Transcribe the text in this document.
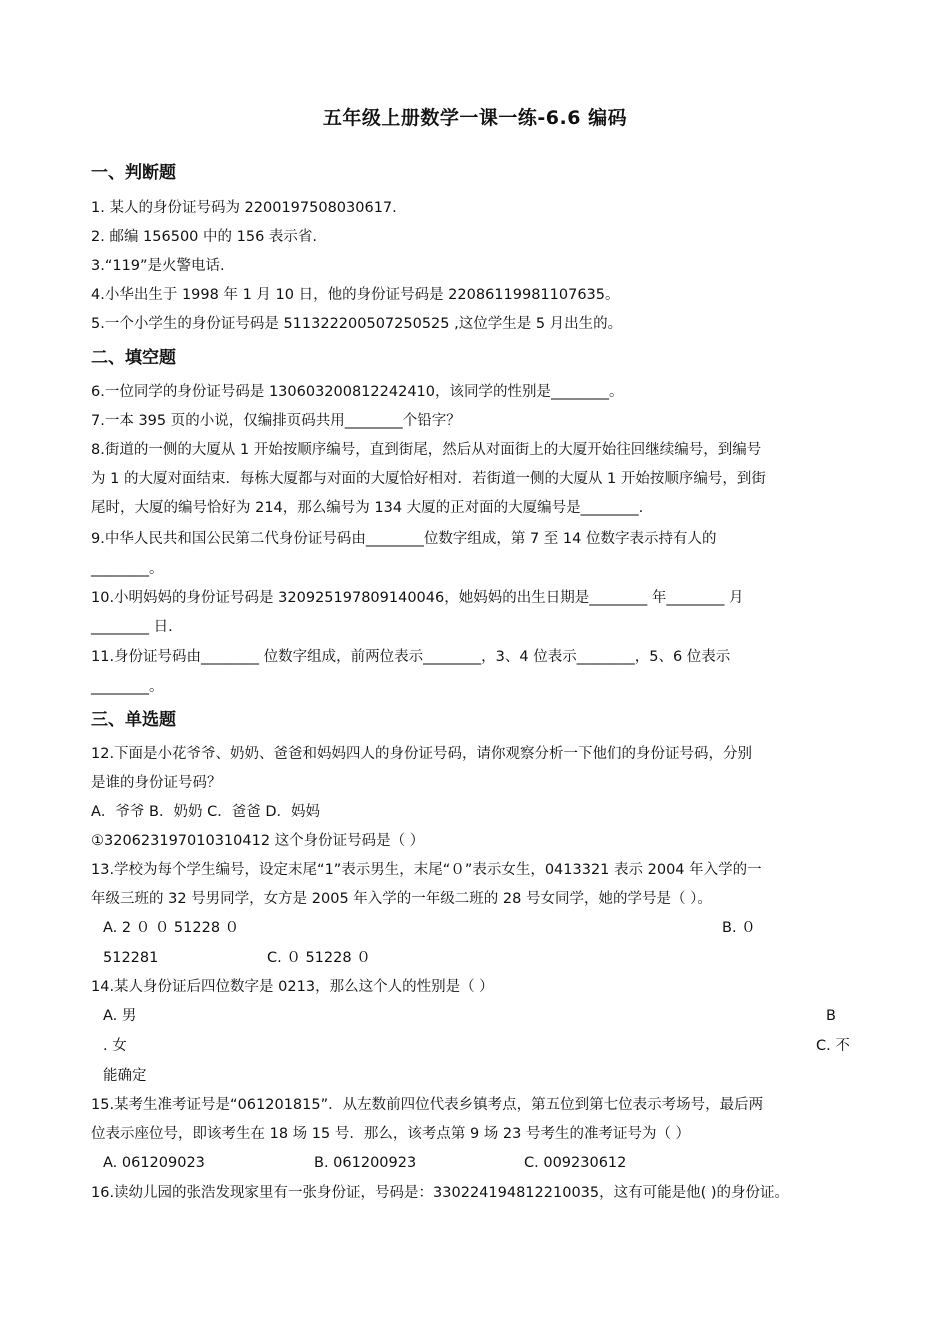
五年级上册数学一课一练-6.6 编码
一、判断题
1. 某人的身份证号码为 2200197508030617.
2. 邮编 156500 中的 156 表示省.
3.“119”是火警电话.
4.小华出生于 1998 年 1 月 10 日，他的身份证号码是 22086119981107635。
5.一个小学生的身份证号码是 511322200507250525 ,这位学生是 5 月出生的。
二、填空题
6.一位同学的身份证号码是 130603200812242410，该同学的性别是________。
7.一本 395 页的小说，仅编排页码共用________个铅字？
8.街道的一侧的大厦从 1 开始按顺序编号，直到街尾，然后从对面街上的大厦开始往回继续编号，到编号
为 1 的大厦对面结束．每栋大厦都与对面的大厦恰好相对．若街道一侧的大厦从 1 开始按顺序编号，到街
尾时，大厦的编号恰好为 214，那么编号为 134 大厦的正对面的大厦编号是________.
9.中华人民共和国公民第二代身份证号码由________位数字组成，第 7 至 14 位数字表示持有人的
________。
10.小明妈妈的身份证号码是 320925197809140046，她妈妈的出生日期是________ 年________ 月
________ 日.
11.身份证号码由________ 位数字组成，前两位表示________，3、4 位表示________，5、6 位表示
________。
三、单选题
12.下面是小花爷爷、奶奶、爸爸和妈妈四人的身份证号码，请你观察分析一下他们的身份证号码，分别
是谁的身份证号码？
A．爷爷 B．奶奶 C．爸爸 D．妈妈
①320623197010310412 这个身份证号码是（ ）
13.学校为每个学生编号，设定末尾“1”表示男生，末尾“０”表示女生，0413321 表示 2004 年入学的一
年级三班的 32 号男同学，女方是 2005 年入学的一年级二班的 28 号女同学，她的学号是（ ）。
A. 2 ０ ０ 51228 ０	B. ０
512281	C. ０ 51228 ０
14.某人身份证后四位数字是 0213，那么这个人的性别是（ ）
A. 男	B
. 女	C. 不
能确定
15.某考生准考证号是“061201815”．从左数前四位代表乡镇考点，第五位到第七位表示考场号，最后两
位表示座位号，即该考生在 18 场 15 号．那么，该考点第 9 场 23 号考生的准考证号为（ ）
A. 061209023	B. 061200923	C. 009230612
16.读幼儿园的张浩发现家里有一张身份证，号码是：330224194812210035，这有可能是他( )的身份证。
